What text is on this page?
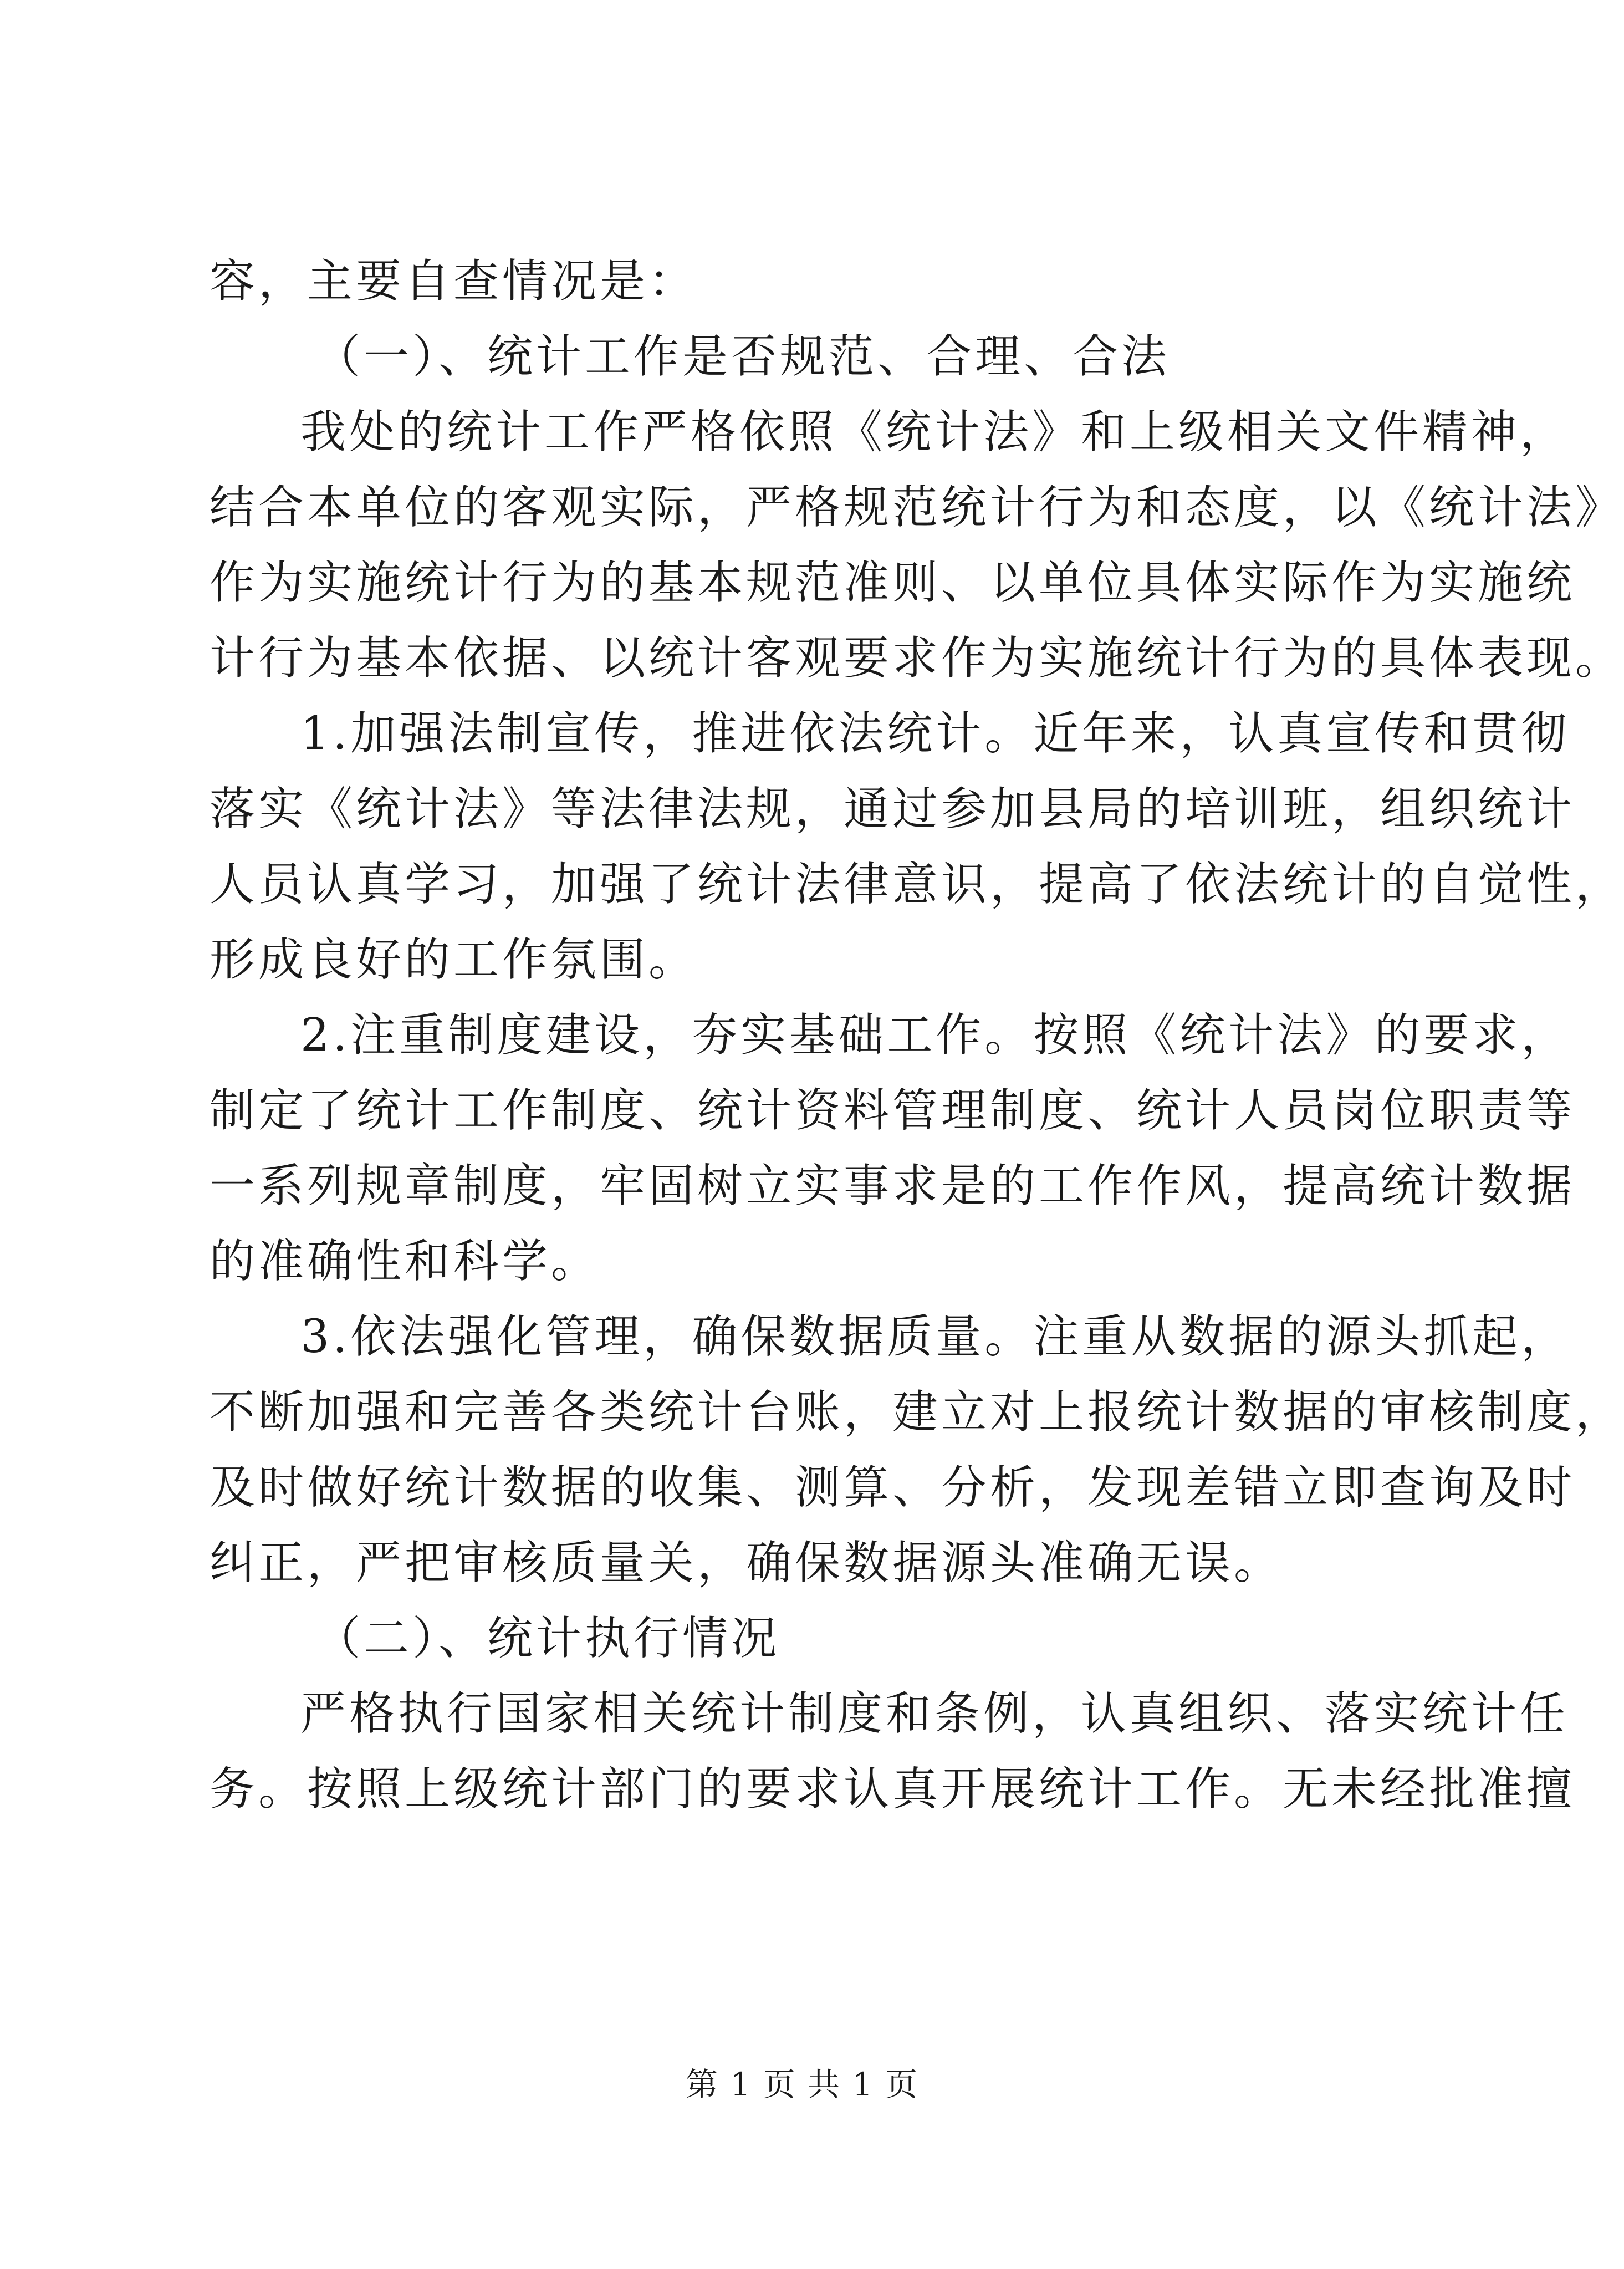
容，主要自查情况是：

（一）、统计工作是否规范、合理、合法

我处的统计工作严格依照《统计法》和上级相关文件精神，

结合本单位的客观实际，严格规范统计行为和态度，以《统计法》

作为实施统计行为的基本规范准则、以单位具体实际作为实施统

计行为基本依据、以统计客观要求作为实施统计行为的具体表现。

1.加强法制宣传，推进依法统计。近年来，认真宣传和贯彻

落实《统计法》等法律法规，通过参加县局的培训班，组织统计

人员认真学习，加强了统计法律意识，提高了依法统计的自觉性，

形成良好的工作氛围。

2.注重制度建设，夯实基础工作。按照《统计法》的要求，

制定了统计工作制度、统计资料管理制度、统计人员岗位职责等

一系列规章制度，牢固树立实事求是的工作作风，提高统计数据

的准确性和科学。

3.依法强化管理，确保数据质量。注重从数据的源头抓起，

不断加强和完善各类统计台账，建立对上报统计数据的审核制度，

及时做好统计数据的收集、测算、分析，发现差错立即查询及时

纠正，严把审核质量关，确保数据源头准确无误。

（二）、统计执行情况

严格执行国家相关统计制度和条例，认真组织、落实统计任

务。按照上级统计部门的要求认真开展统计工作。无未经批准擅

第 1 页 共 1 页
